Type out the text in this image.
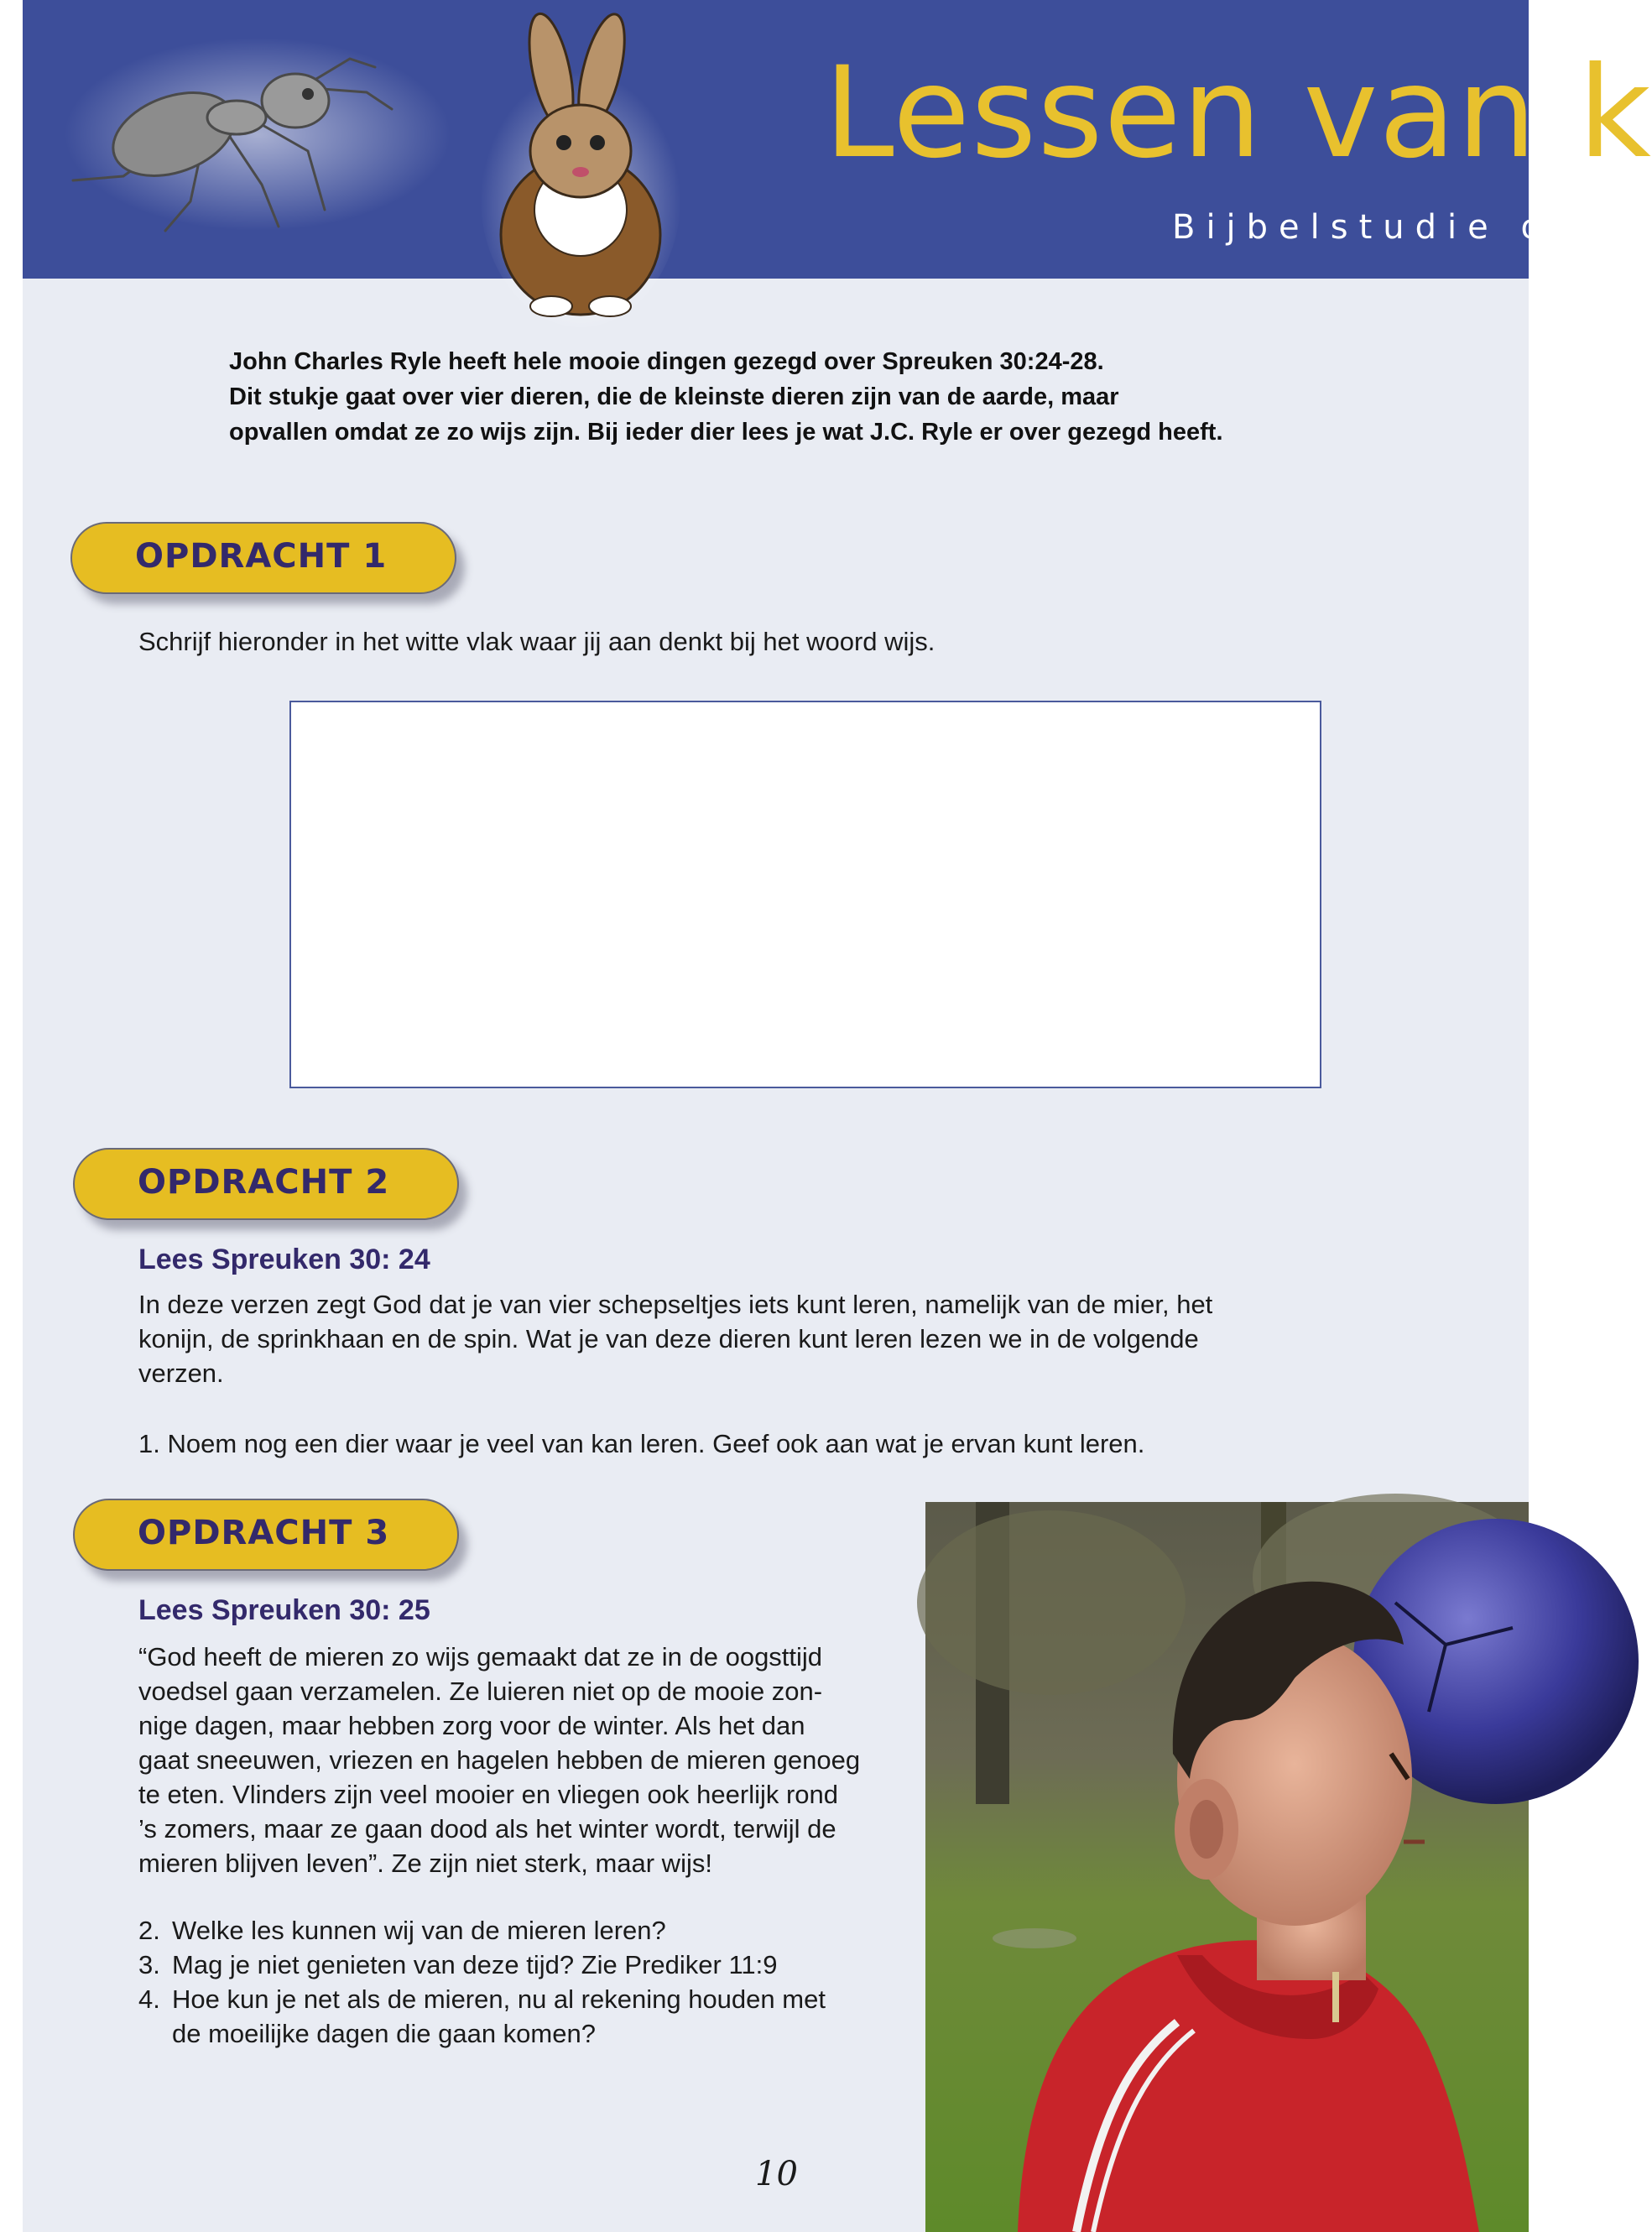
Lessen van k
Bijbelstudie ov

John Charles Ryle heeft hele mooie dingen gezegd over Spreuken 30:24-28.

Dit stukje gaat over vier dieren, die de kleinste dieren zijn van de aarde, maar

opvallen omdat ze zo wijs zijn. Bij ieder dier lees je wat J.C. Ryle er over gezegd heeft.

OPDRACHT 1

Schrijf hieronder in het witte vlak waar jij aan denkt bij het woord wijs.

OPDRACHT 2
Lees Spreuken 30: 24

In deze verzen zegt God dat je van vier schepseltjes iets kunt leren, namelijk van de mier, het

konijn, de sprinkhaan en de spin. Wat je van deze dieren kunt leren lezen we in de volgende

verzen.

1. Noem nog een dier waar je veel van kan leren. Geef ook aan wat je ervan kunt leren.

OPDRACHT 3
Lees Spreuken 30: 25

“God heeft de mieren zo wijs gemaakt dat ze in de oogsttijd

voedsel gaan verzamelen. Ze luieren niet op de mooie zon-

nige dagen, maar hebben zorg voor de winter. Als het dan

gaat sneeuwen, vriezen en hagelen hebben de mieren genoeg

te eten. Vlinders zijn veel mooier en vliegen ook heerlijk rond

’s zomers, maar ze gaan dood als het winter wordt, terwijl de

mieren blijven leven”. Ze zijn niet sterk, maar wijs!

2. Welke les kunnen wij van de mieren leren?
3. Mag je niet genieten van deze tijd? Zie Prediker 11:9
4. Hoe kun je net als de mieren, nu al rekening houden met
de moeilijke dagen die gaan komen?
10
